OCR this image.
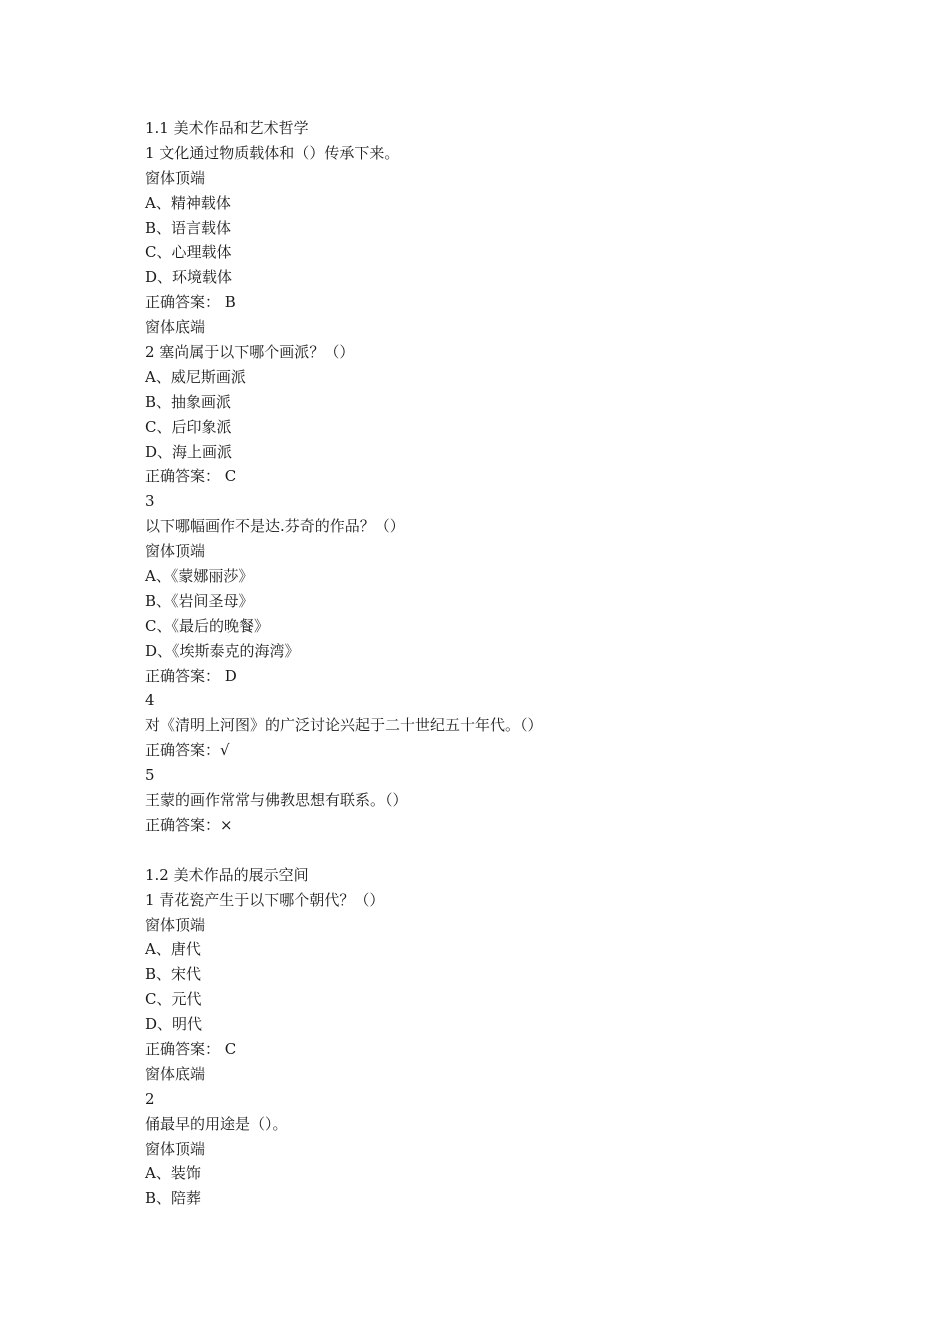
1.1 美术作品和艺术哲学
1 文化通过物质载体和（）传承下来。
窗体顶端
A、精神载体
B、语言载体
C、心理载体
D、环境载体
正确答案： B
窗体底端
2 塞尚属于以下哪个画派？（）
A、威尼斯画派
B、抽象画派
C、后印象派
D、海上画派
正确答案： C
3
以下哪幅画作不是达.芬奇的作品？（）
窗体顶端
A、《蒙娜丽莎》
B、《岩间圣母》
C、《最后的晚餐》
D、《埃斯泰克的海湾》
正确答案： D
4
对《清明上河图》的广泛讨论兴起于二十世纪五十年代。（）
正确答案：√
5
王蒙的画作常常与佛教思想有联系。（）
正确答案：×
1.2 美术作品的展示空间
1 青花瓷产生于以下哪个朝代？（）
窗体顶端
A、唐代
B、宋代
C、元代
D、明代
正确答案： C
窗体底端
2
俑最早的用途是（）。
窗体顶端
A、装饰
B、陪葬
